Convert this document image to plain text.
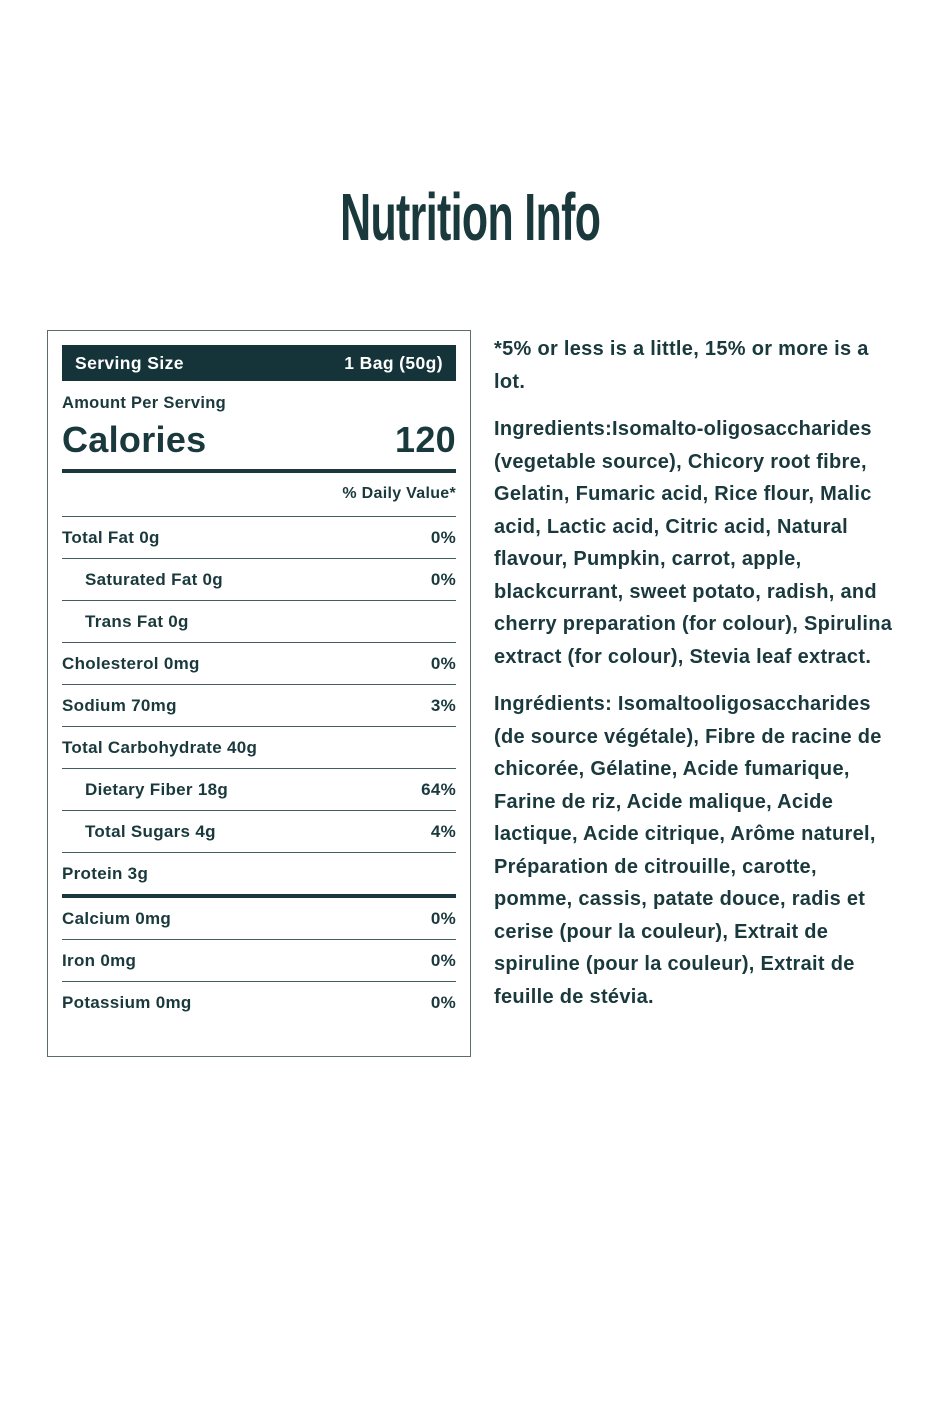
Nutrition Info
Serving Size	1 Bag (50g)
Amount Per Serving
Calories	120
% Daily Value*
Total Fat 0g	0%
Saturated Fat 0g	0%
Trans Fat 0g
Cholesterol 0mg	0%
Sodium 70mg	3%
Total Carbohydrate 40g
Dietary Fiber 18g	64%
Total Sugars 4g	4%
Protein 3g
Calcium 0mg	0%
Iron 0mg	0%
Potassium 0mg	0%

*5% or less is a little, 15% or more is a lot.

Ingredients:Isomalto-oligosaccharides (vegetable source), Chicory root fibre, Gelatin, Fumaric acid, Rice flour, Malic acid, Lactic acid, Citric acid, Natural flavour, Pumpkin, carrot, apple, blackcurrant, sweet potato, radish, and cherry preparation (for colour), Spirulina extract (for colour), Stevia leaf extract.

Ingrédients: Isomaltooligosaccharides (de source végétale), Fibre de racine de chicorée, Gélatine, Acide fumarique, Farine de riz, Acide malique, Acide lactique, Acide citrique, Arôme naturel, Préparation de citrouille, carotte, pomme, cassis, patate douce, radis et cerise (pour la couleur), Extrait de spiruline (pour la couleur), Extrait de feuille de stévia.
